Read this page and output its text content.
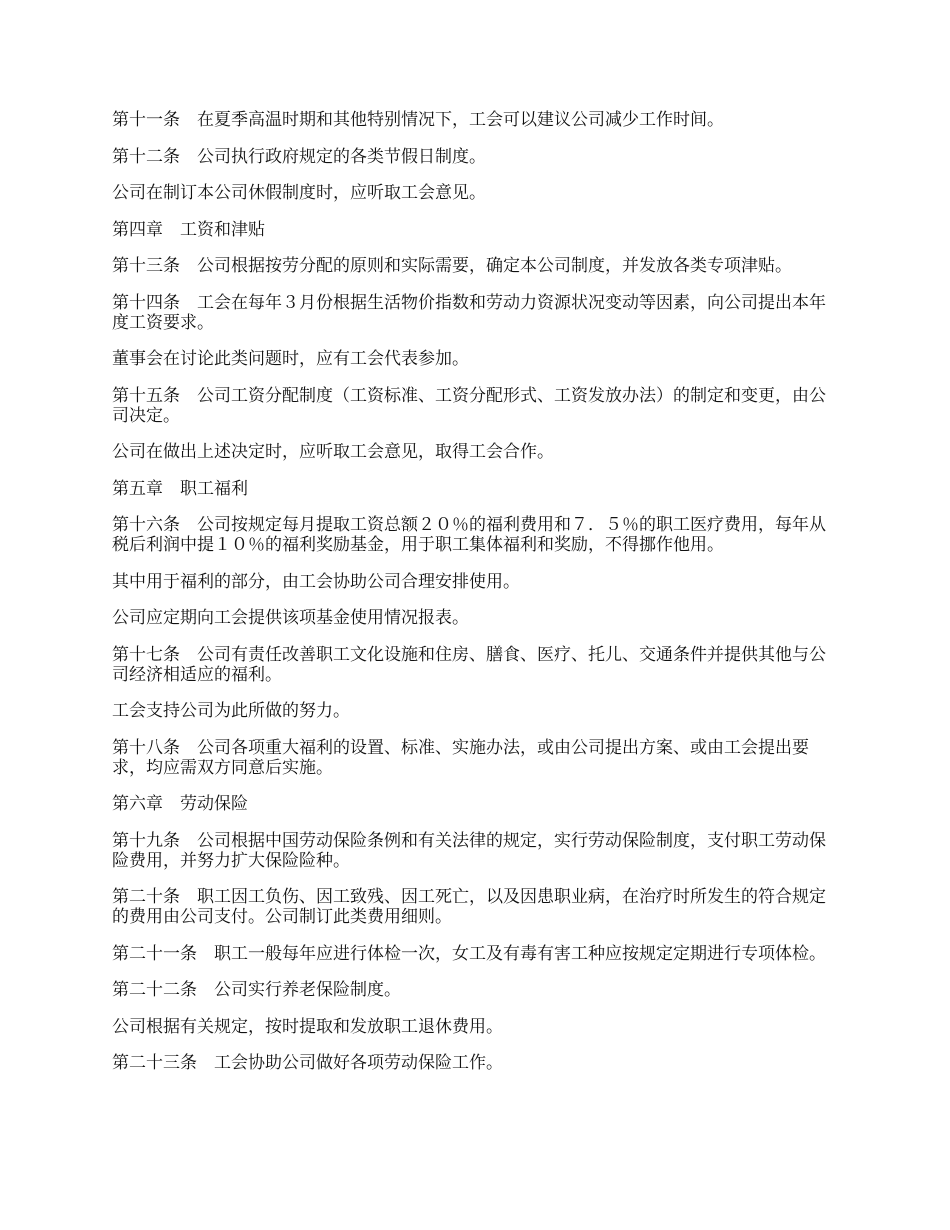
第十一条　在夏季高温时期和其他特别情况下，工会可以建议公司减少工作时间。

第十二条　公司执行政府规定的各类节假日制度。

公司在制订本公司休假制度时，应听取工会意见。

第四章　工资和津贴

第十三条　公司根据按劳分配的原则和实际需要，确定本公司制度，并发放各类专项津贴。

第十四条　工会在每年３月份根据生活物价指数和劳动力资源状况变动等因素，向公司提出本年度工资要求。

董事会在讨论此类问题时，应有工会代表参加。

第十五条　公司工资分配制度（工资标准、工资分配形式、工资发放办法）的制定和变更，由公司决定。

公司在做出上述决定时，应听取工会意见，取得工会合作。

第五章　职工福利

第十六条　公司按规定每月提取工资总额２０％的福利费用和７．５％的职工医疗费用，每年从税后利润中提１０％的福利奖励基金，用于职工集体福利和奖励，不得挪作他用。

其中用于福利的部分，由工会协助公司合理安排使用。

公司应定期向工会提供该项基金使用情况报表。

第十七条　公司有责任改善职工文化设施和住房、膳食、医疗、托儿、交通条件并提供其他与公司经济相适应的福利。

工会支持公司为此所做的努力。

第十八条　公司各项重大福利的设置、标准、实施办法，或由公司提出方案、或由工会提出要求，均应需双方同意后实施。

第六章　劳动保险

第十九条　公司根据中国劳动保险条例和有关法律的规定，实行劳动保险制度，支付职工劳动保险费用，并努力扩大保险险种。

第二十条　职工因工负伤、因工致残、因工死亡，以及因患职业病，在治疗时所发生的符合规定的费用由公司支付。公司制订此类费用细则。

第二十一条　职工一般每年应进行体检一次，女工及有毒有害工种应按规定定期进行专项体检。

第二十二条　公司实行养老保险制度。

公司根据有关规定，按时提取和发放职工退休费用。

第二十三条　工会协助公司做好各项劳动保险工作。
